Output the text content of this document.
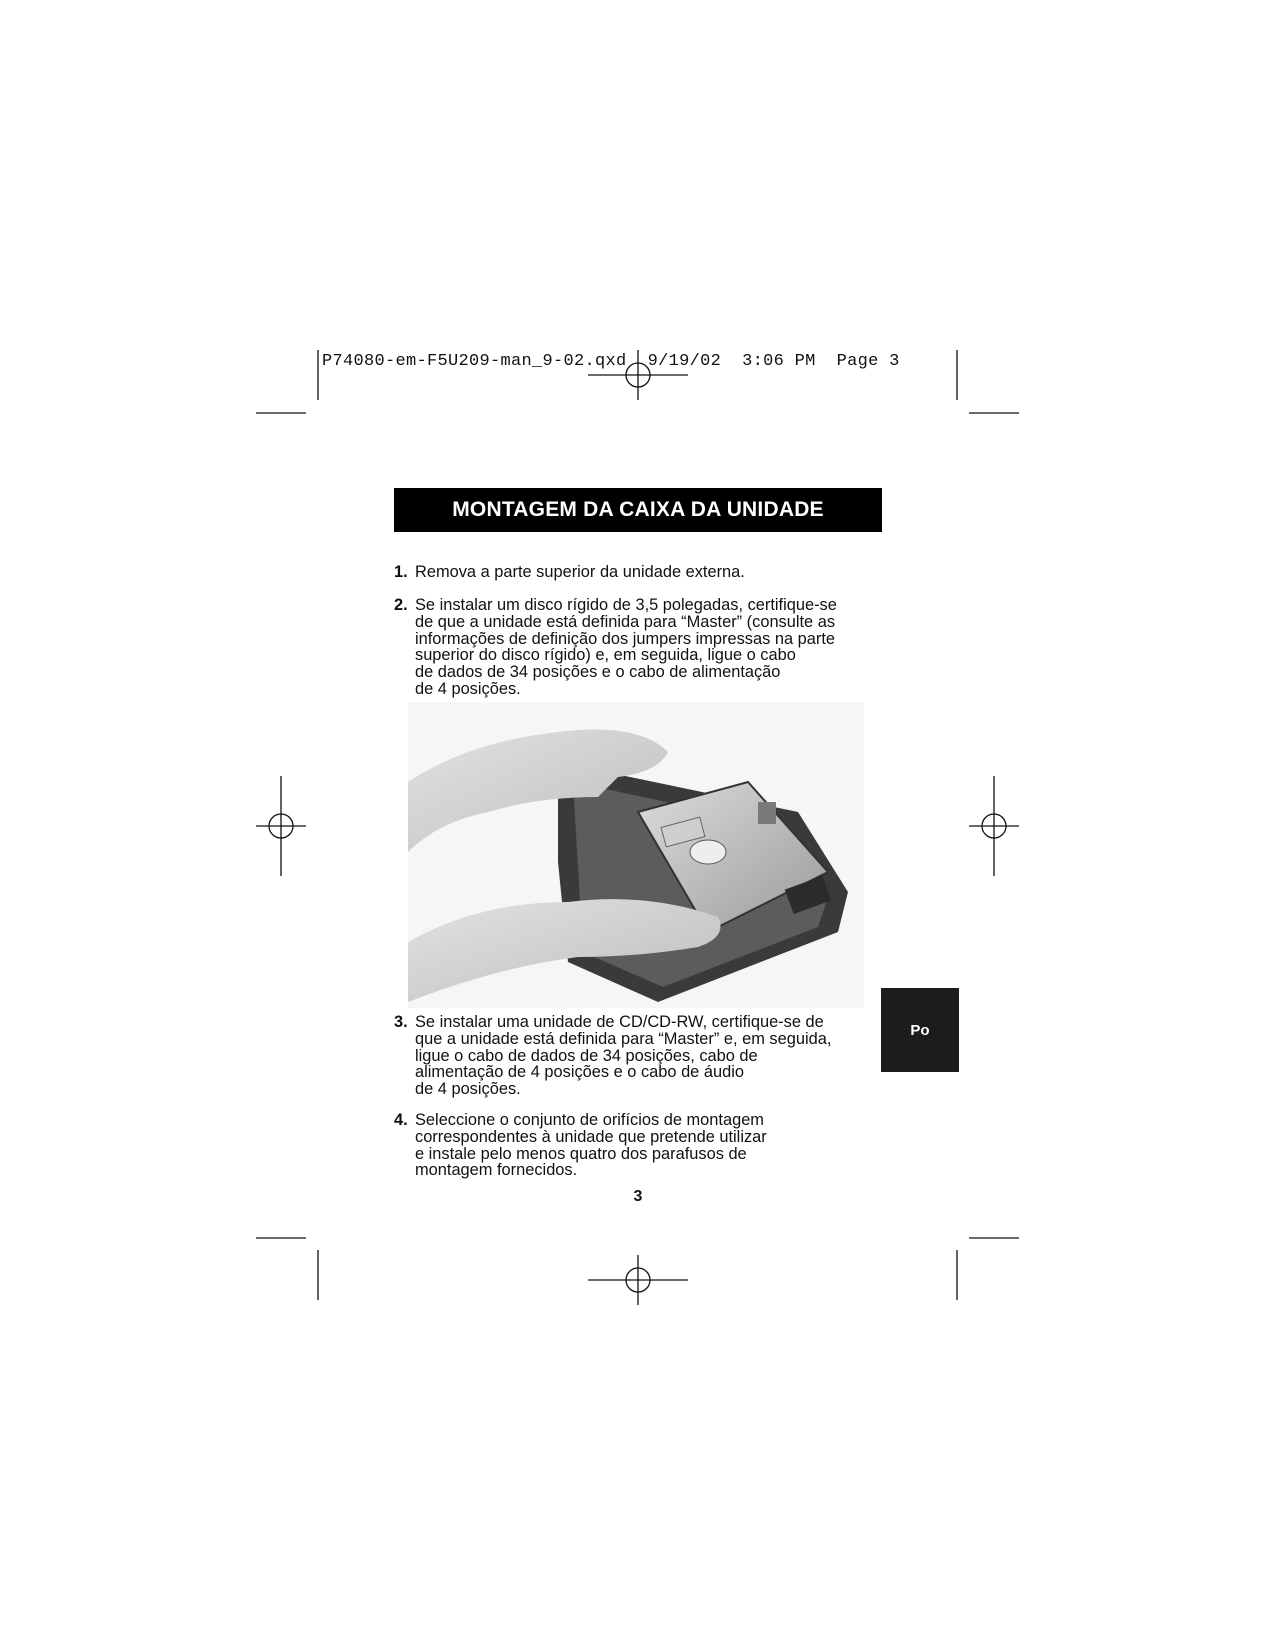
P74080-em-F5U209-man_9-02.qxd 9/19/02 3:06 PM Page 3
MONTAGEM DA CAIXA DA UNIDADE
1. Remova a parte superior da unidade externa.
2. Se instalar um disco rígido de 3,5 polegadas, certifique-se
de que a unidade está definida para “Master” (consulte as
informações de definição dos jumpers impressas na parte
superior do disco rígido) e, em seguida, ligue o cabo
de dados de 34 posições e o cabo de alimentação
de 4 posições.
3. Se instalar uma unidade de CD/CD-RW, certifique-se de
que a unidade está definida para “Master” e, em seguida,
ligue o cabo de dados de 34 posições, cabo de
alimentação de 4 posições e o cabo de áudio
de 4 posições.
4. Seleccione o conjunto de orifícios de montagem
correspondentes à unidade que pretende utilizar
e instale pelo menos quatro dos parafusos de
montagem fornecidos.
Po
3
